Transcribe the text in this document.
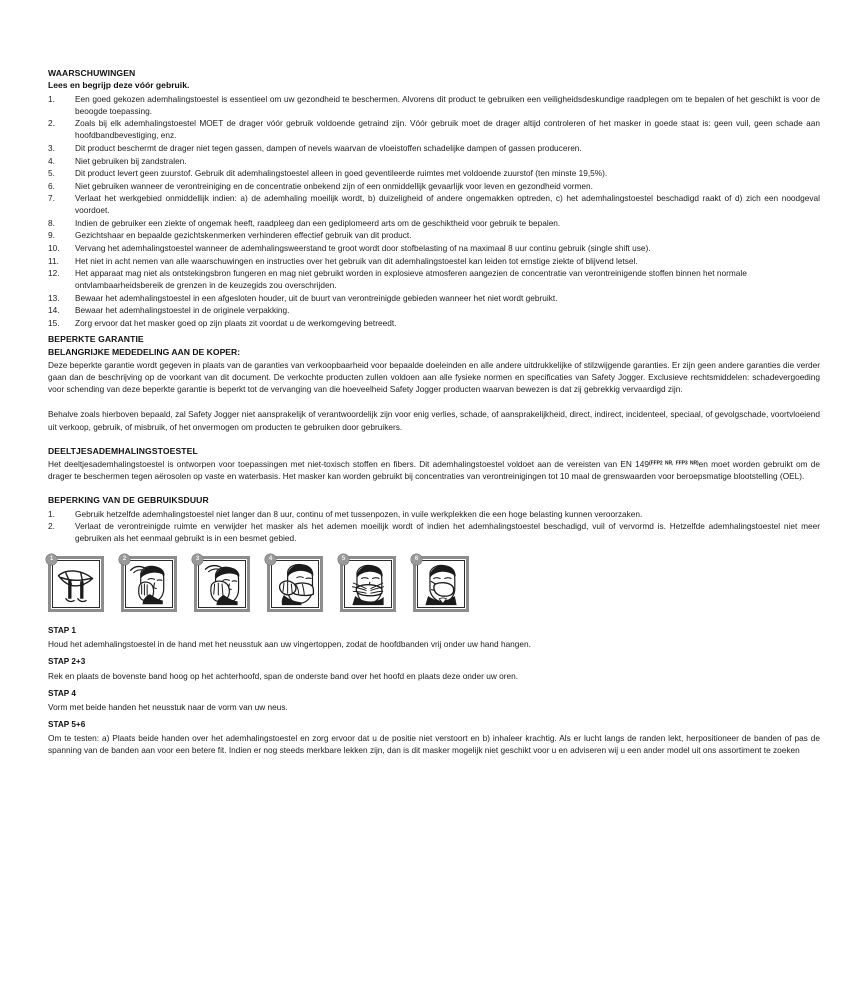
WAARSCHUWINGEN
Lees en begrijp deze vóór gebruik.
1.	Een goed gekozen ademhalingstoestel is essentieel om uw gezondheid te beschermen. Alvorens dit product te gebruiken een veiligheidsdeskundige raadplegen om te bepalen of het geschikt is voor de beoogde toepassing.
2.	Zoals bij elk ademhalingstoestel MOET de drager vóór gebruik voldoende getraind zijn. Vóór gebruik moet de drager altijd controleren of het masker in goede staat is: geen vuil, geen schade aan hoofdbandbevestiging, enz.
3.	Dit product beschermt de drager niet tegen gassen, dampen of nevels waarvan de vloeistoffen schadelijke dampen of gassen produceren.
4.	Niet gebruiken bij zandstralen.
5.	Dit product levert geen zuurstof. Gebruik dit ademhalingstoestel alleen in goed geventileerde ruimtes met voldoende zuurstof (ten minste 19,5%).
6.	Niet gebruiken wanneer de verontreiniging en de concentratie onbekend zijn of een onmiddellijk gevaarlijk voor leven en gezondheid vormen.
7.	Verlaat het werkgebied onmiddellijk indien: a) de ademhaling moeilijk wordt, b) duizeligheid of andere ongemakken optreden, c) het ademhalingstoestel beschadigd raakt of d) zich een noodgeval voordoet.
8.	Indien de gebruiker een ziekte of ongemak heeft, raadpleeg dan een gediplomeerd arts om de geschiktheid voor gebruik te bepalen.
9.	Gezichtshaar en bepaalde gezichtskenmerken verhinderen effectief gebruik van dit product.
10.	Vervang het ademhalingstoestel wanneer de ademhalingsweerstand te groot wordt door stofbelasting of na maximaal 8 uur continu gebruik (single shift use).
11.	Het niet in acht nemen van alle waarschuwingen en instructies over het gebruik van dit ademhalingstoestel kan leiden tot ernstige ziekte of blijvend letsel.
12.	Het apparaat mag niet als ontstekingsbron fungeren en mag niet gebruikt worden in explosieve atmosferen aangezien de concentratie van verontreinigende stoffen binnen het normale ontvlambaarheidsbereik de grenzen in de keuzegids zou overschrijden.
13.	Bewaar het ademhalingstoestel in een afgesloten houder, uit de buurt van verontreinigde gebieden wanneer het niet wordt gebruikt.
14.	Bewaar het ademhalingstoestel in de originele verpakking.
15.	Zorg ervoor dat het masker goed op zijn plaats zit voordat u de werkomgeving betreedt.
BEPERKTE GARANTIE
BELANGRIJKE MEDEDELING AAN DE KOPER:

Deze beperkte garantie wordt gegeven in plaats van de garanties van verkoopbaarheid voor bepaalde doeleinden en alle andere uitdrukkelijke of stilzwijgende garanties. Er zijn geen andere garanties die verder gaan dan de beschrijving op de voorkant van dit document. De verkochte producten zullen voldoen aan alle fysieke normen en specificaties van Safety Jogger. Exclusieve rechtsmiddelen: schadevergoeding voor schending van deze beperkte garantie is beperkt tot de vervanging van die hoeveelheid Safety Jogger producten waarvan bewezen is dat zij gebrekkig vervaardigd zijn.

Behalve zoals hierboven bepaald, zal Safety Jogger niet aansprakelijk of verantwoordelijk zijn voor enig verlies, schade, of aansprakelijkheid, direct, indirect, incidenteel, speciaal, of gevolgschade, voortvloeiend uit verkoop, gebruik, of misbruik, of het onvermogen om producten te gebruiken door gebruikers.

DEELTJESADEMHALINGSTOESTEL

Het deeltjesademhalingstoestel is ontworpen voor toepassingen met niet-toxisch stoffen en fibers. Dit ademhalingstoestel voldoet aan de vereisten van EN $149^{(FFP2 NR, FFP3 NR)}en$ moet worden gebruikt om de drager te beschermen tegen aërosolen op vaste en waterbasis. Het masker kan worden gebruikt bij concentraties van verontreinigingen tot 10 maal de grenswaarden voor beroepsmatige blootstelling (OEL).

BEPERKING VAN DE GEBRUIKSDUUR
1.	Gebruik hetzelfde ademhalingstoestel niet langer dan 8 uur, continu of met tussenpozen, in vuile werkplekken die een hoge belasting kunnen veroorzaken.
2.	Verlaat de verontreinigde ruimte en verwijder het masker als het ademen moeilijk wordt of indien het ademhalingstoestel beschadigd, vuil of vervormd is. Hetzelfde ademhalingstoestel niet meer gebruiken als het eenmaal gebruikt is in een besmet gebied.
1	2	3	4	5	6
STAP 1

Houd het ademhalingstoestel in de hand met het neusstuk aan uw vingertoppen, zodat de hoofdbanden vrij onder uw hand hangen.

STAP 2+3

Rek en plaats de bovenste band hoog op het achterhoofd, span de onderste band over het hoofd en plaats deze onder uw oren.

STAP 4

Vorm met beide handen het neusstuk naar de vorm van uw neus.

STAP 5+6

Om te testen: a) Plaats beide handen over het ademhalingstoestel en zorg ervoor dat u de positie niet verstoort en b) inhaleer krachtig. Als er lucht langs de randen lekt, herpositioneer de banden of pas de spanning van de banden aan voor een betere fit. Indien er nog steeds merkbare lekken zijn, dan is dit masker mogelijk niet geschikt voor u en adviseren wij u een ander model uit ons assortiment te zoeken
